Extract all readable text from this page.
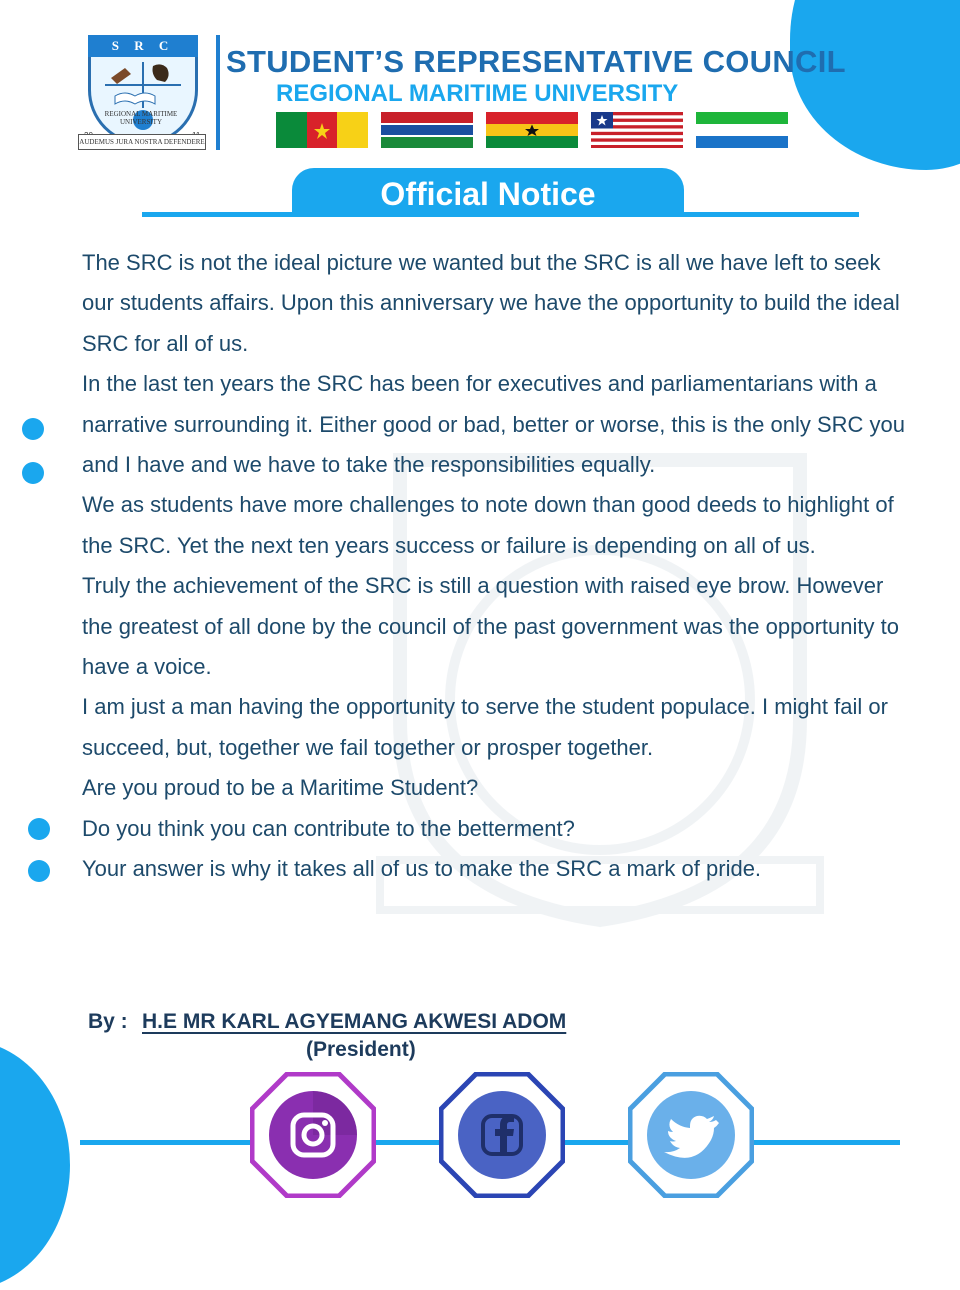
S R C
REGIONAL MARITIME UNIVERSITY
AUDEMUS JURA NOSTRA DEFENDERE
STUDENT’S REPRESENTATIVE COUNCIL
REGIONAL MARITIME UNIVERSITY
Official Notice

The SRC is not the ideal picture we wanted but the SRC is all we have left to seek our students affairs. Upon this anniversary we have the opportunity to build the ideal SRC for all of us.

In the last ten years the SRC has been for executives and parliamentarians with a narrative surrounding it. Either good or bad, better or worse, this is the only SRC you and I have and we have to take the responsibilities equally.

We as students have more challenges to note down than good deeds to highlight of the SRC. Yet the next ten years success or failure is depending on all of us.

Truly the achievement of the SRC is still a question with raised eye brow. However the greatest of all done by the council of the past government was the opportunity to have a voice.

I am just a man having the opportunity to serve the student populace. I might fail or succeed, but, together we fail together or prosper together.

Are you proud to be a Maritime Student?

Do you think you can contribute to the betterment?

Your answer is why it takes all of us to make the SRC a mark of pride.

By : H.E MR KARL AGYEMANG AKWESI ADOM
(President)
